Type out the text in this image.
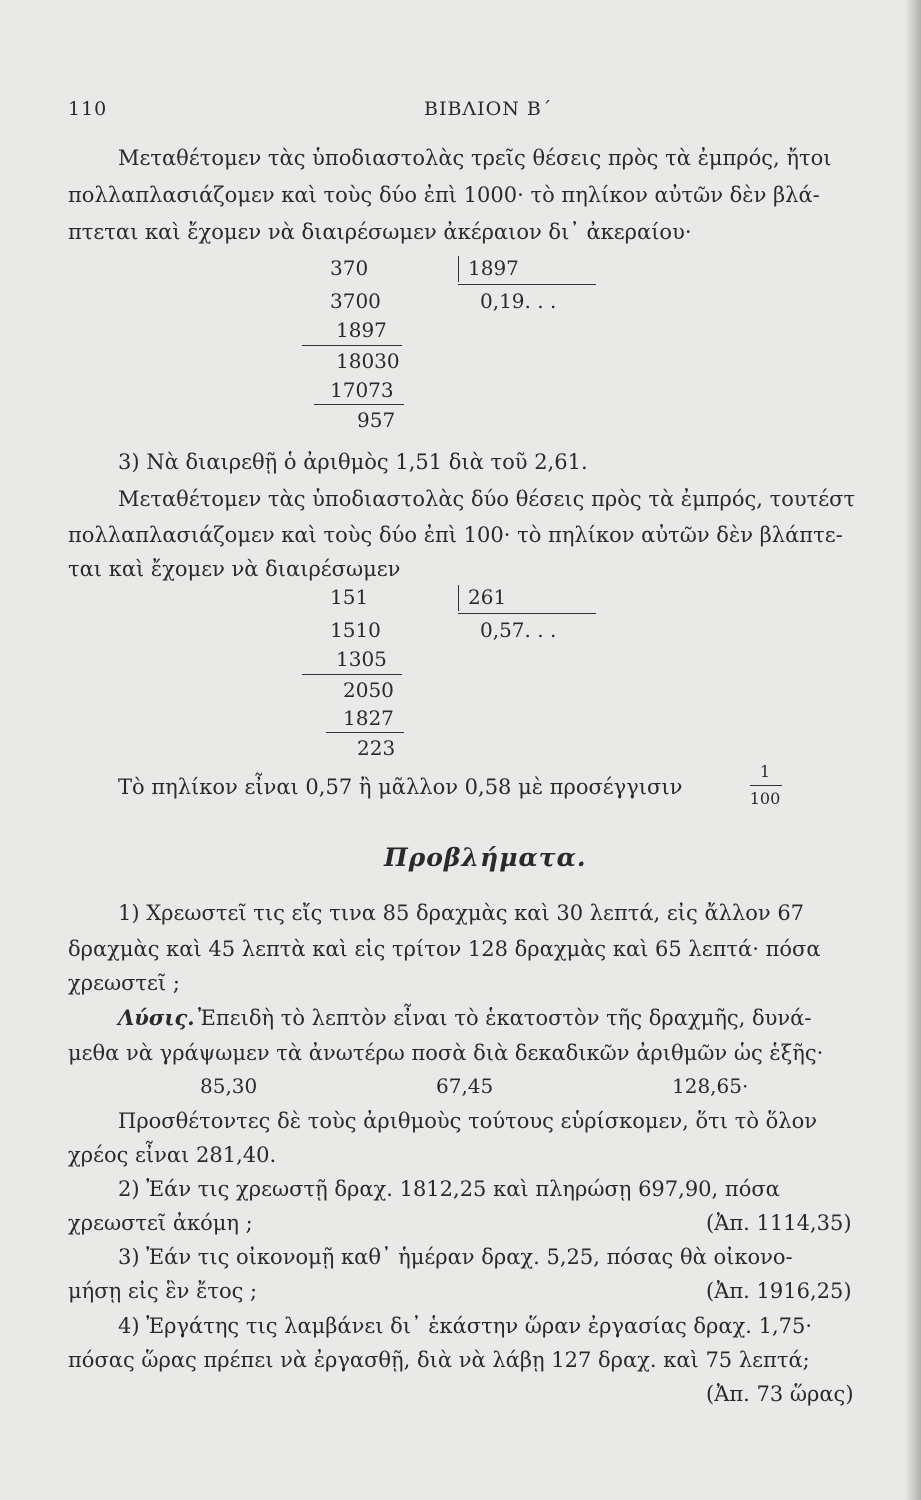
110	ΒΙΒΛΙΟΝ Β΄
Μεταθέτομεν τὰς ὑποδιαστολὰς τρεῖς θέσεις πρὸς τὰ ἐμπρός, ἤτοι
πολλαπλασιάζομεν καὶ τοὺς δύο ἐπὶ 1000· τὸ πηλίκον αὐτῶν δὲν βλά-
πτεται καὶ ἔχομεν νὰ διαιρέσωμεν ἀκέραιον δι᾿ ἀκεραίου·
370	1897
3700	0,19. . .
1897
18030
17073
957
3) Νὰ διαιρεθῇ ὁ ἀριθμὸς 1,51 διὰ τοῦ 2,61.
Μεταθέτομεν τὰς ὑποδιαστολὰς δύο θέσεις πρὸς τὰ ἐμπρός, τουτέστ
πολλαπλασιάζομεν καὶ τοὺς δύο ἐπὶ 100· τὸ πηλίκον αὐτῶν δὲν βλάπτε-
ται καὶ ἔχομεν νὰ διαιρέσωμεν
151	261
1510	0,57. . .
1305
2050
1827
223
Τὸ πηλίκον εἶναι 0,57 ἢ μᾶλλον 0,58 μὲ προσέγγισιν
1
100
Προβλήματα.
1) Χρεωστεῖ τις εἴς τινα 85 δραχμὰς καὶ 30 λεπτά, εἰς ἄλλον 67
δραχμὰς καὶ 45 λεπτὰ καὶ εἰς τρίτον 128 δραχμὰς καὶ 65 λεπτά· πόσα
χρεωστεῖ ;
Λύσις. Ἐπειδὴ τὸ λεπτὸν εἶναι τὸ ἑκατοστὸν τῆς δραχμῆς, δυνά-
μεθα νὰ γράψωμεν τὰ ἀνωτέρω ποσὰ διὰ δεκαδικῶν ἀριθμῶν ὡς ἑξῆς·
85,30	67,45	128,65·
Προσθέτοντες δὲ τοὺς ἀριθμοὺς τούτους εὑρίσκομεν, ὅτι τὸ ὅλον
χρέος εἶναι 281,40.
2) Ἐάν τις χρεωστῇ δραχ. 1812,25 καὶ πληρώσῃ 697,90, πόσα
χρεωστεῖ ἀκόμη ;	(Ἀπ. 1114,35)
3) Ἐάν τις οἰκονομῇ καθ᾿ ἡμέραν δραχ. 5,25, πόσας θὰ οἰκονο-
μήσῃ εἰς ἓν ἔτος ;	(Ἀπ. 1916,25)
4) Ἐργάτης τις λαμβάνει δι᾿ ἑκάστην ὥραν ἐργασίας δραχ. 1,75·
πόσας ὥρας πρέπει νὰ ἐργασθῇ, διὰ νὰ λάβῃ 127 δραχ. καὶ 75 λεπτά;
(Ἀπ. 73 ὥρας)
